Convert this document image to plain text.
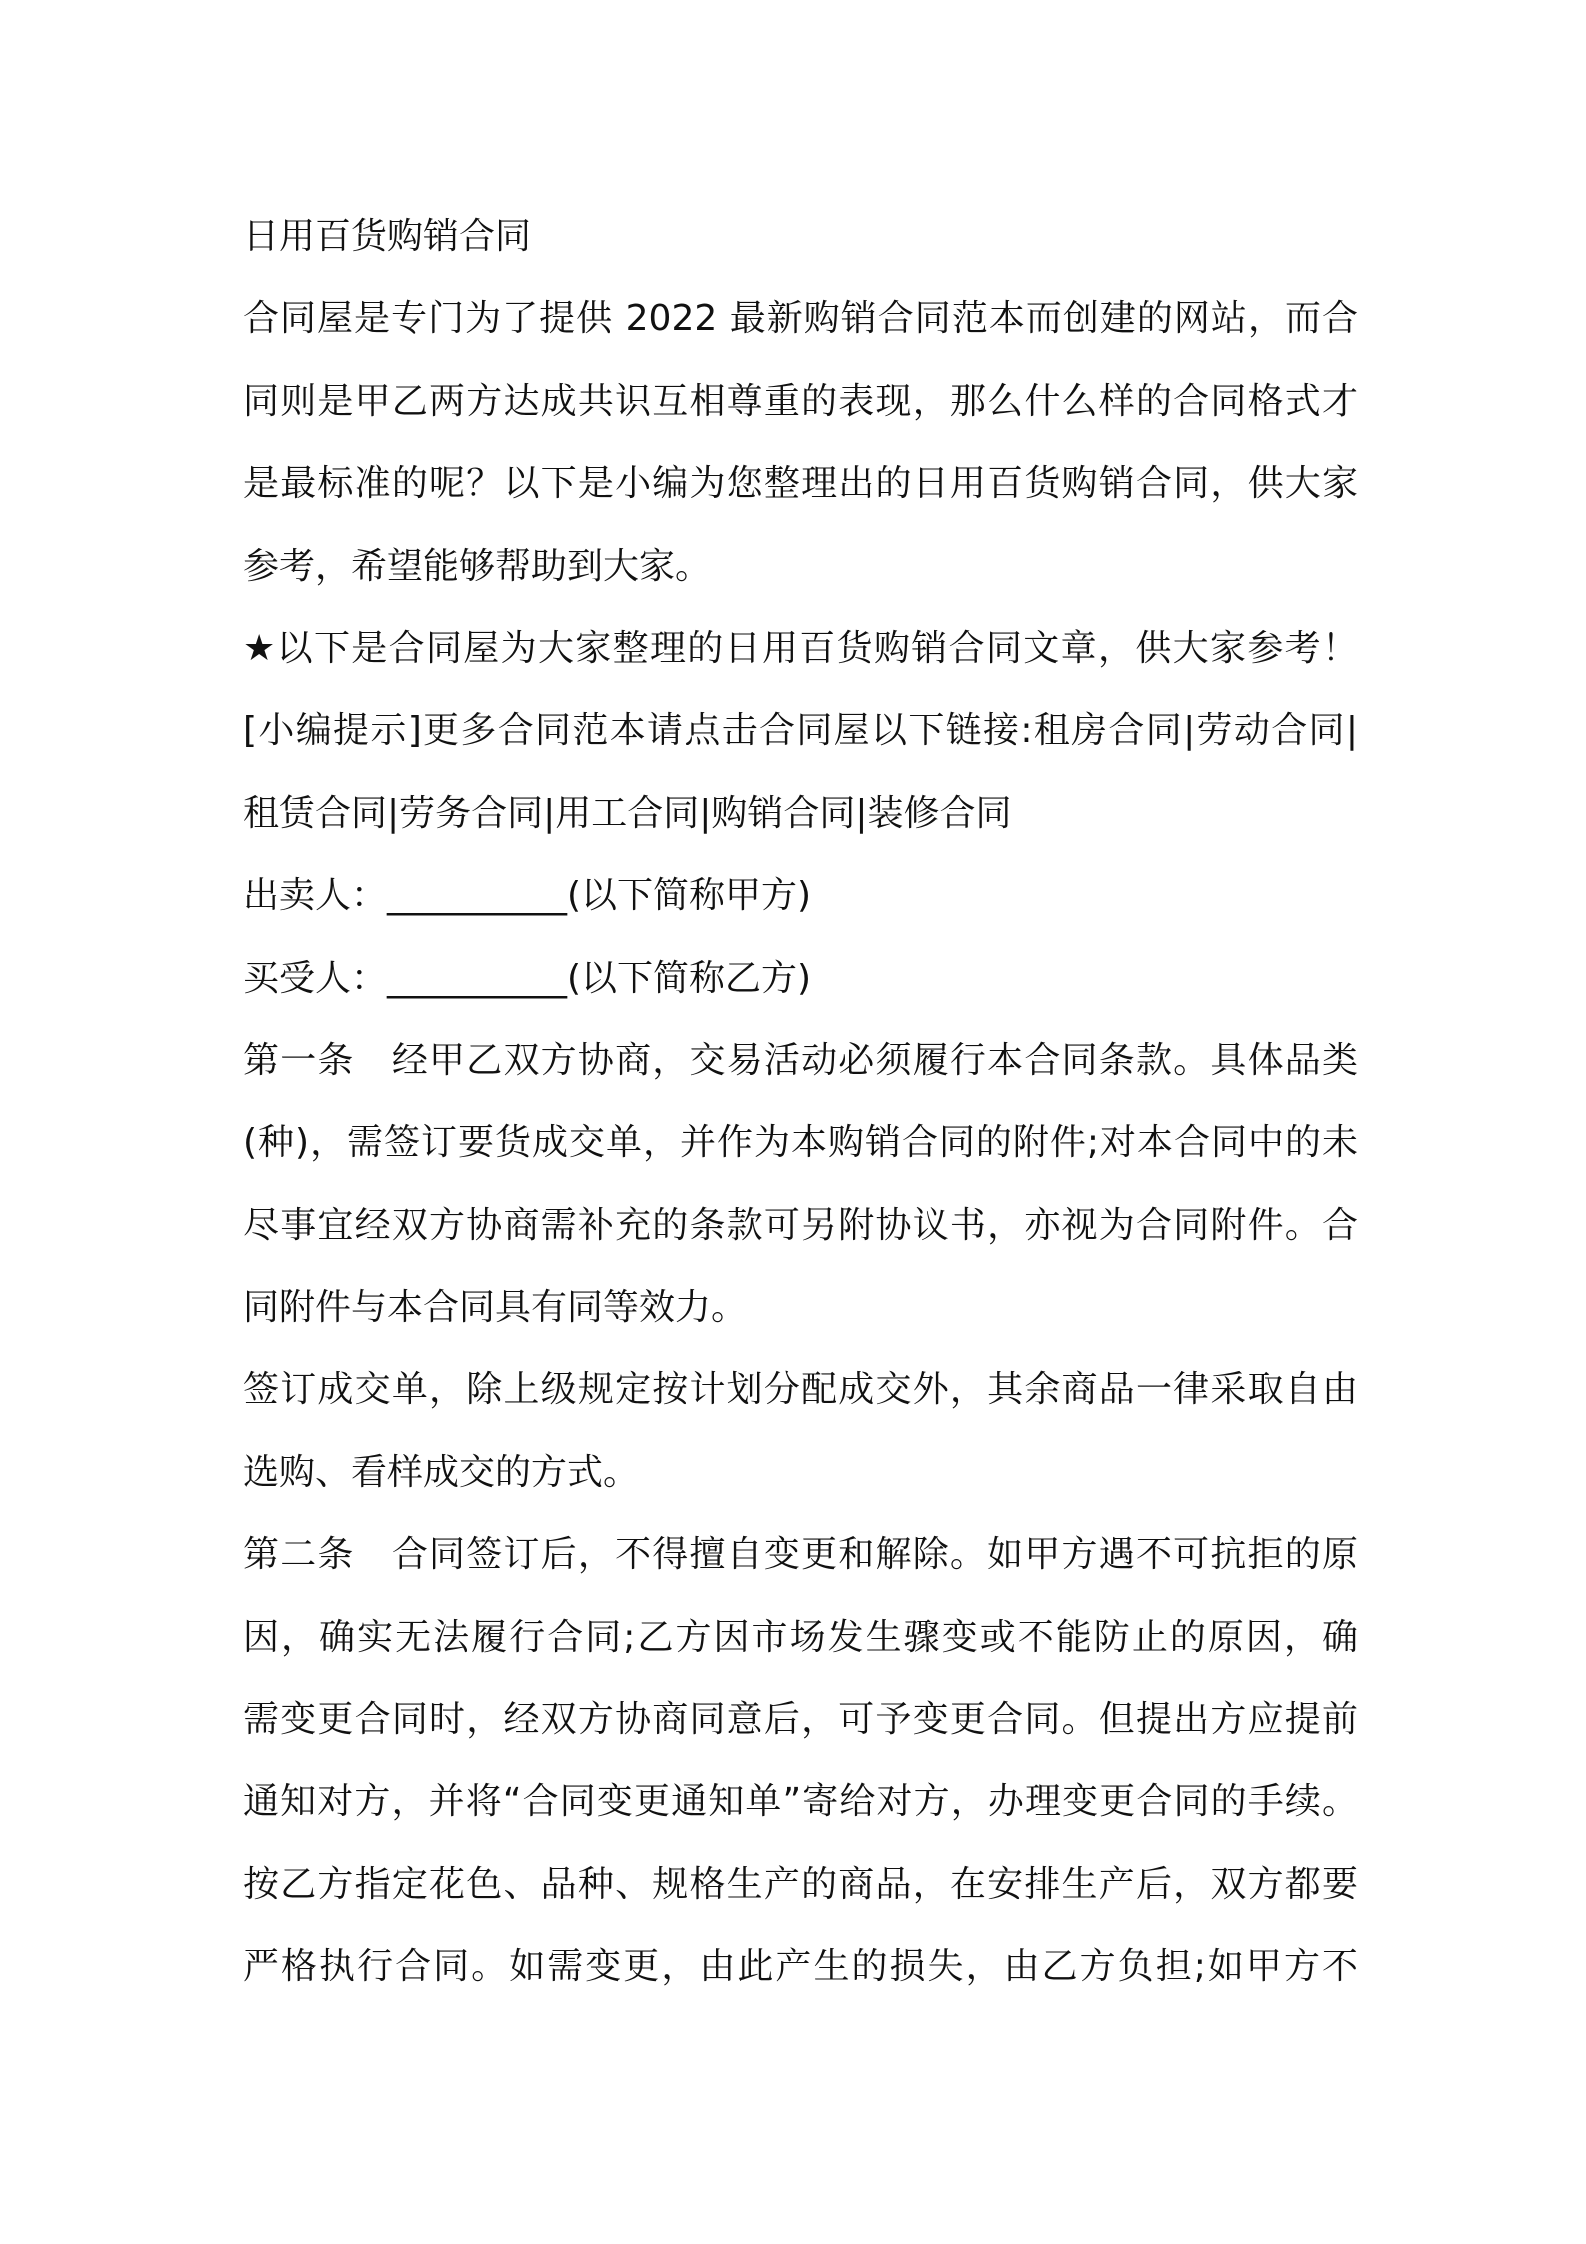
日用百货购销合同
合同屋是专门为了提供 2022 最新购销合同范本而创建的网站，而合
同则是甲乙两方达成共识互相尊重的表现，那么什么样的合同格式才
是最标准的呢？以下是小编为您整理出的日用百货购销合同，供大家
参考，希望能够帮助到大家。
★以下是合同屋为大家整理的日用百货购销合同文章，供大家参考！
[小编提示]更多合同范本请点击合同屋以下链接:租房合同|劳动合同|
租赁合同|劳务合同|用工合同|购销合同|装修合同
出卖人：__________(以下简称甲方)
买受人：__________(以下简称乙方)
第一条　经甲乙双方协商，交易活动必须履行本合同条款。具体品类
(种)，需签订要货成交单，并作为本购销合同的附件;对本合同中的未
尽事宜经双方协商需补充的条款可另附协议书，亦视为合同附件。合
同附件与本合同具有同等效力。
签订成交单，除上级规定按计划分配成交外，其余商品一律采取自由
选购、看样成交的方式。
第二条　合同签订后，不得擅自变更和解除。如甲方遇不可抗拒的原
因，确实无法履行合同;乙方因市场发生骤变或不能防止的原因，确
需变更合同时，经双方协商同意后，可予变更合同。但提出方应提前
通知对方，并将“合同变更通知单”寄给对方，办理变更合同的手续。
按乙方指定花色、品种、规格生产的商品，在安排生产后，双方都要
严格执行合同。如需变更，由此产生的损失，由乙方负担;如甲方不
